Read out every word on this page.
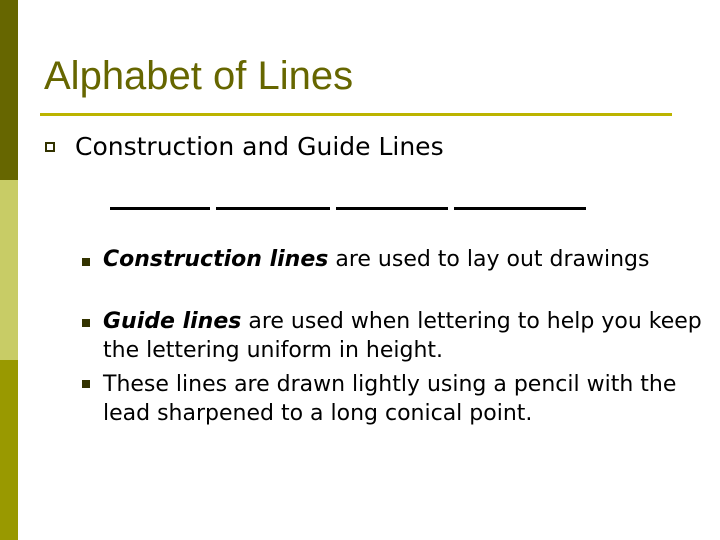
Alphabet of Lines

Construction and Guide Lines

Construction lines are used to lay out drawings

Guide lines are used when lettering to help you keep the lettering uniform in height.

These lines are drawn lightly using a pencil with the lead sharpened to a long conical point.
